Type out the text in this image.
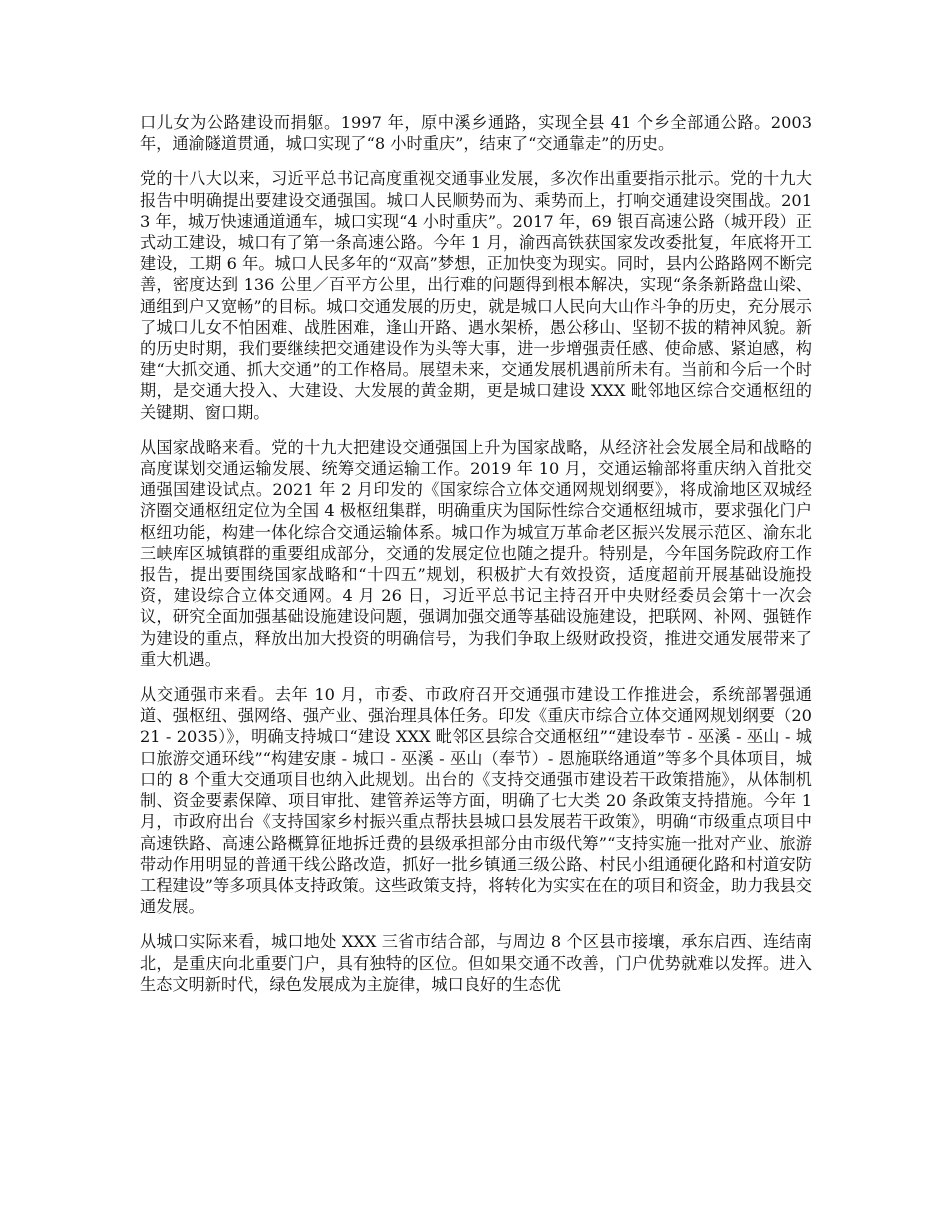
口儿女为公路建设而捐躯。1997 年，原中溪乡通路，实现全县 41 个乡全部通公路。2003 年，通渝隧道贯通，城口实现了“8 小时重庆”，结束了“交通靠走”的历史。

党的十八大以来，习近平总书记高度重视交通事业发展，多次作出重要指示批示。党的十九大报告中明确提出要建设交通强国。城口人民顺势而为、乘势而上，打响交通建设突围战。2013 年，城万快速通道通车，城口实现“4 小时重庆”。2017 年，69 银百高速公路（城开段）正式动工建设，城口有了第一条高速公路。今年 1 月，渝西高铁获国家发改委批复，年底将开工建设，工期 6 年。城口人民多年的“双高”梦想，正加快变为现实。同时，县内公路路网不断完善，密度达到 136 公里／百平方公里，出行难的问题得到根本解决，实现“条条新路盘山梁、通组到户又宽畅”的目标。城口交通发展的历史，就是城口人民向大山作斗争的历史，充分展示了城口儿女不怕困难、战胜困难，逢山开路、遇水架桥，愚公移山、坚韧不拔的精神风貌。新的历史时期，我们要继续把交通建设作为头等大事，进一步增强责任感、使命感、紧迫感，构建“大抓交通、抓大交通”的工作格局。展望未来，交通发展机遇前所未有。当前和今后一个时期，是交通大投入、大建设、大发展的黄金期，更是城口建设 XXX 毗邻地区综合交通枢纽的关键期、窗口期。

从国家战略来看。党的十九大把建设交通强国上升为国家战略，从经济社会发展全局和战略的高度谋划交通运输发展、统筹交通运输工作。2019 年 10 月，交通运输部将重庆纳入首批交通强国建设试点。2021 年 2 月印发的《国家综合立体交通网规划纲要》，将成渝地区双城经济圈交通枢纽定位为全国 4 极枢纽集群，明确重庆为国际性综合交通枢纽城市，要求强化门户枢纽功能，构建一体化综合交通运输体系。城口作为城宣万革命老区振兴发展示范区、渝东北三峡库区城镇群的重要组成部分，交通的发展定位也随之提升。特别是，今年国务院政府工作报告，提出要围绕国家战略和“十四五”规划，积极扩大有效投资，适度超前开展基础设施投资，建设综合立体交通网。4 月 26 日，习近平总书记主持召开中央财经委员会第十一次会议，研究全面加强基础设施建设问题，强调加强交通等基础设施建设，把联网、补网、强链作为建设的重点，释放出加大投资的明确信号，为我们争取上级财政投资，推进交通发展带来了重大机遇。

从交通强市来看。去年 10 月，市委、市政府召开交通强市建设工作推进会，系统部署强通道、强枢纽、强网络、强产业、强治理具体任务。印发《重庆市综合立体交通网规划纲要（2021 - 2035）》，明确支持城口“建设 XXX 毗邻区县综合交通枢纽”“建设奉节 - 巫溪 - 巫山 - 城口旅游交通环线”“构建安康 - 城口 - 巫溪 - 巫山（奉节）- 恩施联络通道”等多个具体项目，城口的 8 个重大交通项目也纳入此规划。出台的《支持交通强市建设若干政策措施》，从体制机制、资金要素保障、项目审批、建管养运等方面，明确了七大类 20 条政策支持措施。今年 1 月，市政府出台《支持国家乡村振兴重点帮扶县城口县发展若干政策》，明确“市级重点项目中高速铁路、高速公路概算征地拆迁费的县级承担部分由市级代筹”“支持实施一批对产业、旅游带动作用明显的普通干线公路改造，抓好一批乡镇通三级公路、村民小组通硬化路和村道安防工程建设”等多项具体支持政策。这些政策支持，将转化为实实在在的项目和资金，助力我县交通发展。

从城口实际来看，城口地处 XXX 三省市结合部，与周边 8 个区县市接壤，承东启西、连结南北，是重庆向北重要门户，具有独特的区位。但如果交通不改善，门户优势就难以发挥。进入生态文明新时代，绿色发展成为主旋律，城口良好的生态优
